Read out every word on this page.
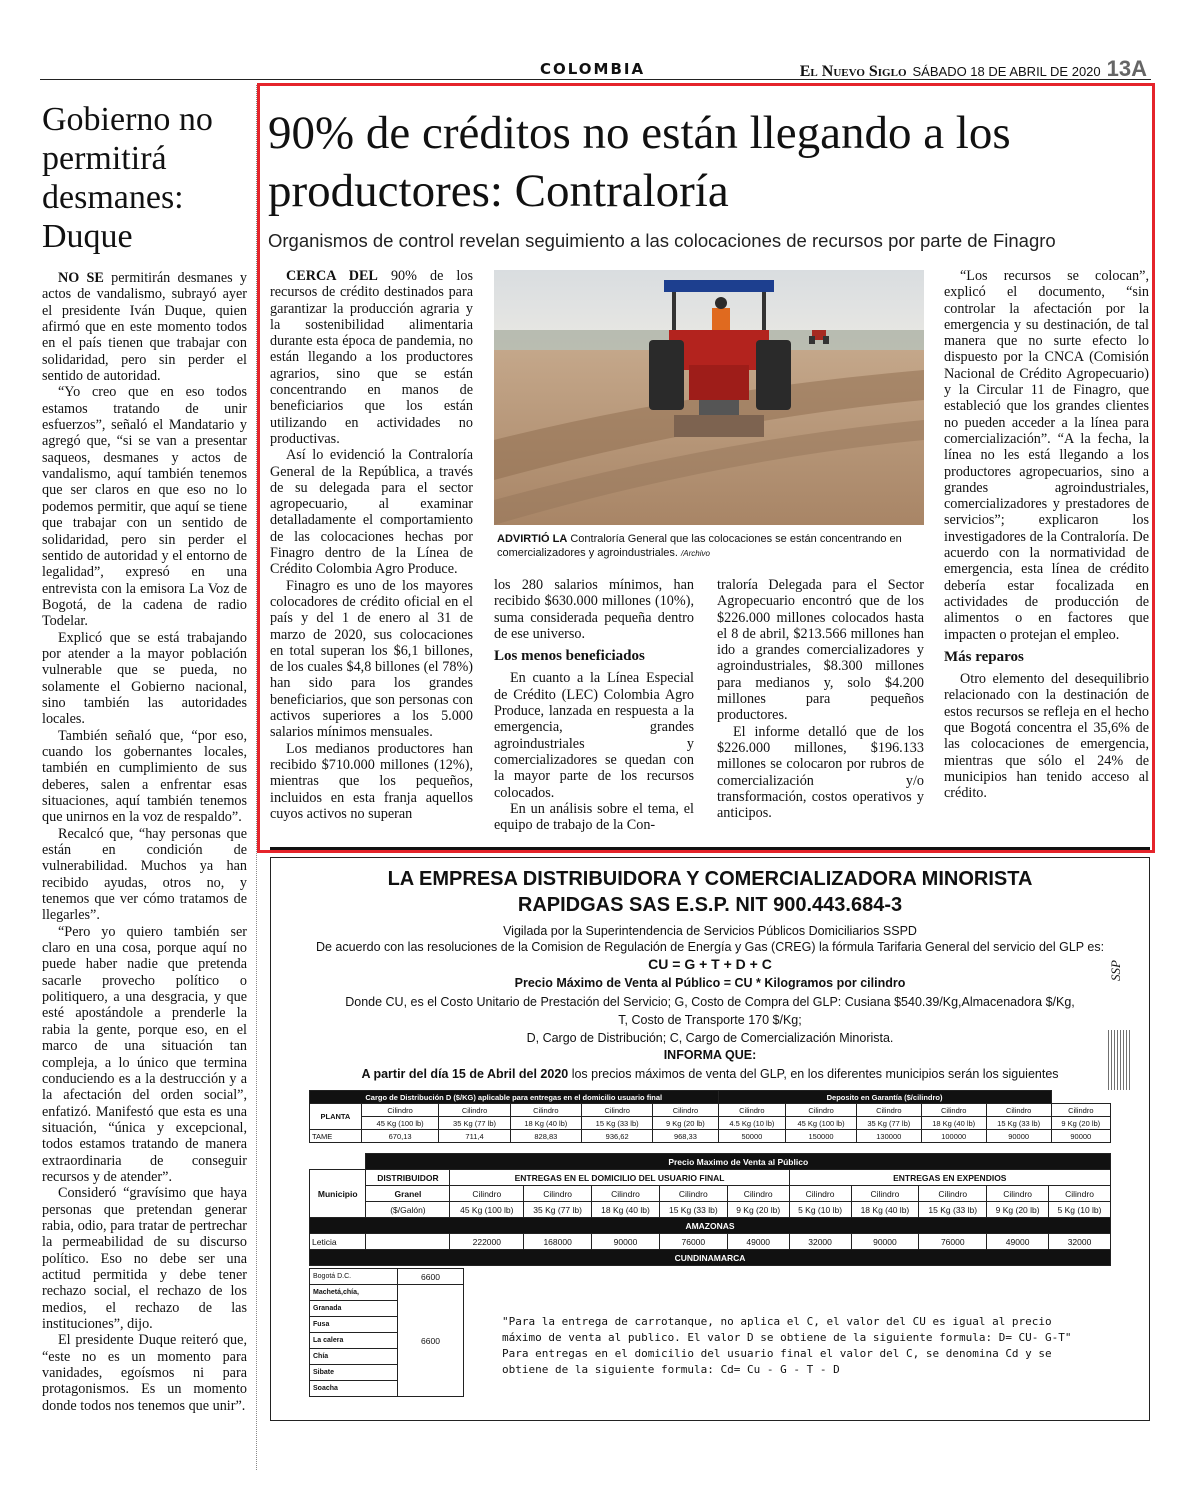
COLOMBIA	El Nuevo Siglo SÁBADO 18 DE ABRIL DE 2020 13A
Gobierno no permitirá desmanes: Duque

NO SE permitirán desmanes y actos de vandalismo, subrayó ayer el presidente Iván Duque, quien afirmó que en este momento todos en el país tienen que trabajar con solidaridad, pero sin perder el sentido de autoridad.

“Yo creo que en eso todos estamos tratando de unir esfuerzos”, señaló el Mandatario y agregó que, “si se van a presentar saqueos, desmanes y actos de vandalismo, aquí también tenemos que ser claros en que eso no lo podemos permitir, que aquí se tiene que trabajar con un sentido de solidaridad, pero sin perder el sentido de autoridad y el entorno de legalidad”, expresó en una entrevista con la emisora La Voz de Bogotá, de la cadena de radio Todelar.

Explicó que se está trabajando por atender a la mayor población vulnerable que se pueda, no solamente el Gobierno nacional, sino también las autoridades locales.

También señaló que, “por eso, cuando los gobernantes locales, también en cumplimiento de sus deberes, salen a enfrentar esas situaciones, aquí también tenemos que unirnos en la voz de respaldo”.

Recalcó que, “hay personas que están en condición de vulnerabilidad. Muchos ya han recibido ayudas, otros no, y tenemos que ver cómo tratamos de llegarles”.

“Pero yo quiero también ser claro en una cosa, porque aquí no puede haber nadie que pretenda sacarle provecho político o politiquero, a una desgracia, y que esté apostándole a prenderle la rabia la gente, porque eso, en el marco de una situación tan compleja, a lo único que termina conduciendo es a la destrucción y a la afectación del orden social”, enfatizó. Manifestó que esta es una situación, “única y excepcional, todos estamos tratando de manera extraordinaria de conseguir recursos y de atender”.

Consideró “gravísimo que haya personas que pretendan generar rabia, odio, para tratar de pertrechar la permeabilidad de su discurso político. Eso no debe ser una actitud permitida y debe tener rechazo social, el rechazo de los medios, el rechazo de las instituciones”, dijo.

El presidente Duque reiteró que, “este no es un momento para vanidades, egoísmos ni para protagonismos. Es un momento donde todos nos tenemos que unir”.

90% de créditos no están llegando a los productores: Contraloría
Organismos de control revelan seguimiento a las colocaciones de recursos por parte de Finagro

CERCA DEL 90% de los recursos de crédito destinados para garantizar la producción agraria y la sostenibilidad alimentaria durante esta época de pandemia, no están llegando a los productores agrarios, sino que se están concentrando en manos de beneficiarios que los están utilizando en actividades no productivas.

Así lo evidenció la Contraloría General de la República, a través de su delegada para el sector agropecuario, al examinar detalladamente el comportamiento de las colocaciones hechas por Finagro dentro de la Línea de Crédito Colombia Agro Produce.

Finagro es uno de los mayores colocadores de crédito oficial en el país y del 1 de enero al 31 de marzo de 2020, sus colocaciones en total superan los $6,1 billones, de los cuales $4,8 billones (el 78%) han sido para los grandes beneficiarios, que son personas con activos superiores a los 5.000 salarios mínimos mensuales.

Los medianos productores han recibido $710.000 millones (12%), mientras que los pequeños, incluidos en esta franja aquellos cuyos activos no superan

ADVIRTIÓ LA Contraloría General que las colocaciones se están concentrando en comercializadores y agroindustriales. /Archivo

los 280 salarios mínimos, han recibido $630.000 millones (10%), suma considerada pequeña dentro de ese universo.

Los menos beneficiados

En cuanto a la Línea Especial de Crédito (LEC) Colombia Agro Produce, lanzada en respuesta a la emergencia, grandes agroindustriales y comercializadores se quedan con la mayor parte de los recursos colocados.

En un análisis sobre el tema, el equipo de trabajo de la Con-

traloría Delegada para el Sector Agropecuario encontró que de los $226.000 millones colocados hasta el 8 de abril, $213.566 millones han ido a grandes comercializadores y agroindustriales, $8.300 millones para medianos y, solo $4.200 millones para pequeños productores.

El informe detalló que de los $226.000 millones, $196.133 millones se colocaron por rubros de comercialización y/o transformación, costos operativos y anticipos.

“Los recursos se colocan”, explicó el documento, “sin controlar la afectación por la emergencia y su destinación, de tal manera que no surte efecto lo dispuesto por la CNCA (Comisión Nacional de Crédito Agropecuario) y la Circular 11 de Finagro, que estableció que los grandes clientes no pueden acceder a la línea para comercialización”. “A la fecha, la línea no les está llegando a los productores agropecuarios, sino a grandes agroindustriales, comercializadores y prestadores de servicios”; explicaron los investigadores de la Contraloría. De acuerdo con la normatividad de emergencia, esta línea de crédito debería estar focalizada en actividades de producción de alimentos o en factores que impacten o protejan el empleo.

Más reparos

Otro elemento del desequilibrio relacionado con la destinación de estos recursos se refleja en el hecho que Bogotá concentra el 35,6% de las colocaciones de emergencia, mientras que sólo el 24% de municipios han tenido acceso al crédito.

LA EMPRESA DISTRIBUIDORA Y COMERCIALIZADORA MINORISTA
RAPIDGAS SAS E.S.P. NIT 900.443.684-3
Vigilada por la Superintendencia de Servicios Públicos Domiciliarios SSPD
De acuerdo con las resoluciones de la Comision de Regulación de Energía y Gas (CREG) la fórmula Tarifaria General del servicio del GLP es:
CU = G + T + D + C
Precio Máximo de Venta al Público = CU * Kilogramos por cilindro
Donde CU, es el Costo Unitario de Prestación del Servicio; G, Costo de Compra del GLP: Cusiana $540.39/Kg,Almacenadora $/Kg,
T, Costo de Transporte 170 $/Kg;
D, Cargo de Distribución; C, Cargo de Comercialización Minorista.
INFORMA QUE:
A partir del día 15 de Abril del 2020 los precios máximos de venta del GLP, en los diferentes municipios serán los siguientes
SSP
Cargo de Distribución D ($/KG) aplicable para entregas en el domicilio usuario final						Deposito en Garantía ($/cilindro)					
PLANTA	Cilindro	Cilindro	Cilindro	Cilindro	Cilindro	Cilindro	Cilindro	Cilindro	Cilindro	Cilindro	Cilindro
	45 Kg (100 lb)	35 Kg (77 lb)	18 Kg (40 lb)	15 Kg (33 lb)	9 Kg (20 lb)	4.5 Kg (10 lb)	45 Kg (100 lb)	35 Kg (77 lb)	18 Kg (40 lb)	15 Kg (33 lb)	9 Kg (20 lb)
TAME	670,13	711,4	828,83	936,62	968,33	50000	150000	130000	100000	90000	90000
	Precio Maximo de Venta al Público										
Municipio	DISTRIBUIDOR	ENTREGAS EN EL DOMICILIO DEL USUARIO FINAL					ENTREGAS EN EXPENDIOS				
	Granel	Cilindro	Cilindro	Cilindro	Cilindro	Cilindro	Cilindro	Cilindro	Cilindro	Cilindro	Cilindro
	($/Galón)	45 Kg (100 lb)	35 Kg (77 lb)	18 Kg (40 lb)	15 Kg (33 lb)	9 Kg (20 lb)	5 Kg (10 lb)	18 Kg (40 lb)	15 Kg (33 lb)	9 Kg (20 lb)	5 Kg (10 lb)
AMAZONAS											
Leticia		222000	168000	90000	76000	49000	32000	90000	76000	49000	32000
CUNDINAMARCA											
Bogotá D.C.	6600
Machetá,chía,	6600
Granada	
Fusa	
La calera	
Chía	
Sibate	
Soacha	
"Para la entrega de carrotanque, no aplica el C, el valor del CU es igual al precio máximo de venta al publico. El valor D se obtiene de la siguiente formula: D= CU- G-T" Para entregas en el domicilio del usuario final el valor del C, se denomina Cd y se obtiene de la siguiente formula: Cd= Cu - G - T - D
